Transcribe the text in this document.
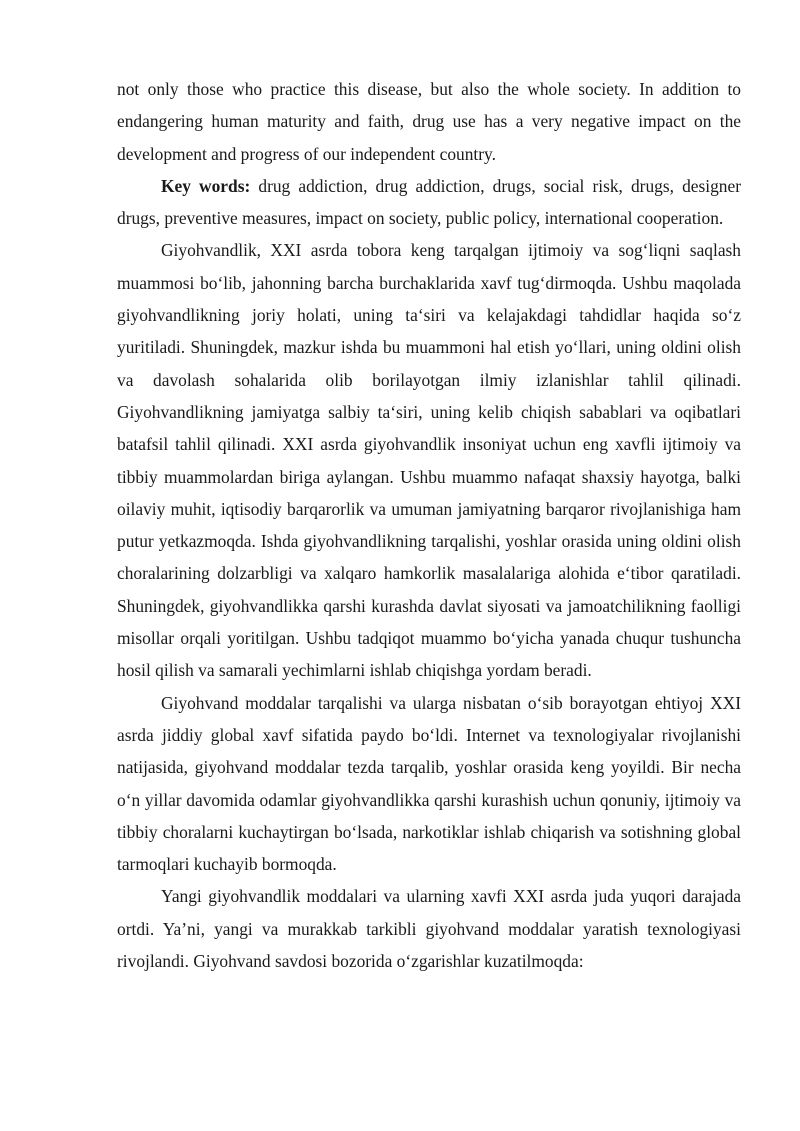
not only those who practice this disease, but also the whole society. In addition to endangering human maturity and faith, drug use has a very negative impact on the development and progress of our independent country.

Key words: drug addiction, drug addiction, drugs, social risk, drugs, designer drugs, preventive measures, impact on society, public policy, international cooperation.

Giyohvandlik, XXI asrda tobora keng tarqalgan ijtimoiy va sog‘liqni saqlash muammosi bo‘lib, jahonning barcha burchaklarida xavf tug‘dirmoqda. Ushbu maqolada giyohvandlikning joriy holati, uning ta‘siri va kelajakdagi tahdidlar haqida so‘z yuritiladi. Shuningdek, mazkur ishda bu muammoni hal etish yo‘llari, uning oldini olish va davolash sohalarida olib borilayotgan ilmiy izlanishlar tahlil qilinadi. Giyohvandlikning jamiyatga salbiy ta‘siri, uning kelib chiqish sabablari va oqibatlari batafsil tahlil qilinadi. XXI asrda giyohvandlik insoniyat uchun eng xavfli ijtimoiy va tibbiy muammolardan biriga aylangan. Ushbu muammo nafaqat shaxsiy hayotga, balki oilaviy muhit, iqtisodiy barqarorlik va umuman jamiyatning barqaror rivojlanishiga ham putur yetkazmoqda. Ishda giyohvandlikning tarqalishi, yoshlar orasida uning oldini olish choralarining dolzarbligi va xalqaro hamkorlik masalalariga alohida e‘tibor qaratiladi. Shuningdek, giyohvandlikka qarshi kurashda davlat siyosati va jamoatchilikning faolligi misollar orqali yoritilgan. Ushbu tadqiqot muammo bo‘yicha yanada chuqur tushuncha hosil qilish va samarali yechimlarni ishlab chiqishga yordam beradi.

Giyohvand moddalar tarqalishi va ularga nisbatan o‘sib borayotgan ehtiyoj XXI asrda jiddiy global xavf sifatida paydo bo‘ldi. Internet va texnologiyalar rivojlanishi natijasida, giyohvand moddalar tezda tarqalib, yoshlar orasida keng yoyildi. Bir necha o‘n yillar davomida odamlar giyohvandlikka qarshi kurashish uchun qonuniy, ijtimoiy va tibbiy choralarni kuchaytirgan bo‘lsada, narkotiklar ishlab chiqarish va sotishning global tarmoqlari kuchayib bormoqda.

Yangi giyohvandlik moddalari va ularning xavfi XXI asrda juda yuqori darajada ortdi. Ya’ni, yangi va murakkab tarkibli giyohvand moddalar yaratish texnologiyasi rivojlandi. Giyohvand savdosi bozorida o‘zgarishlar kuzatilmoqda:
